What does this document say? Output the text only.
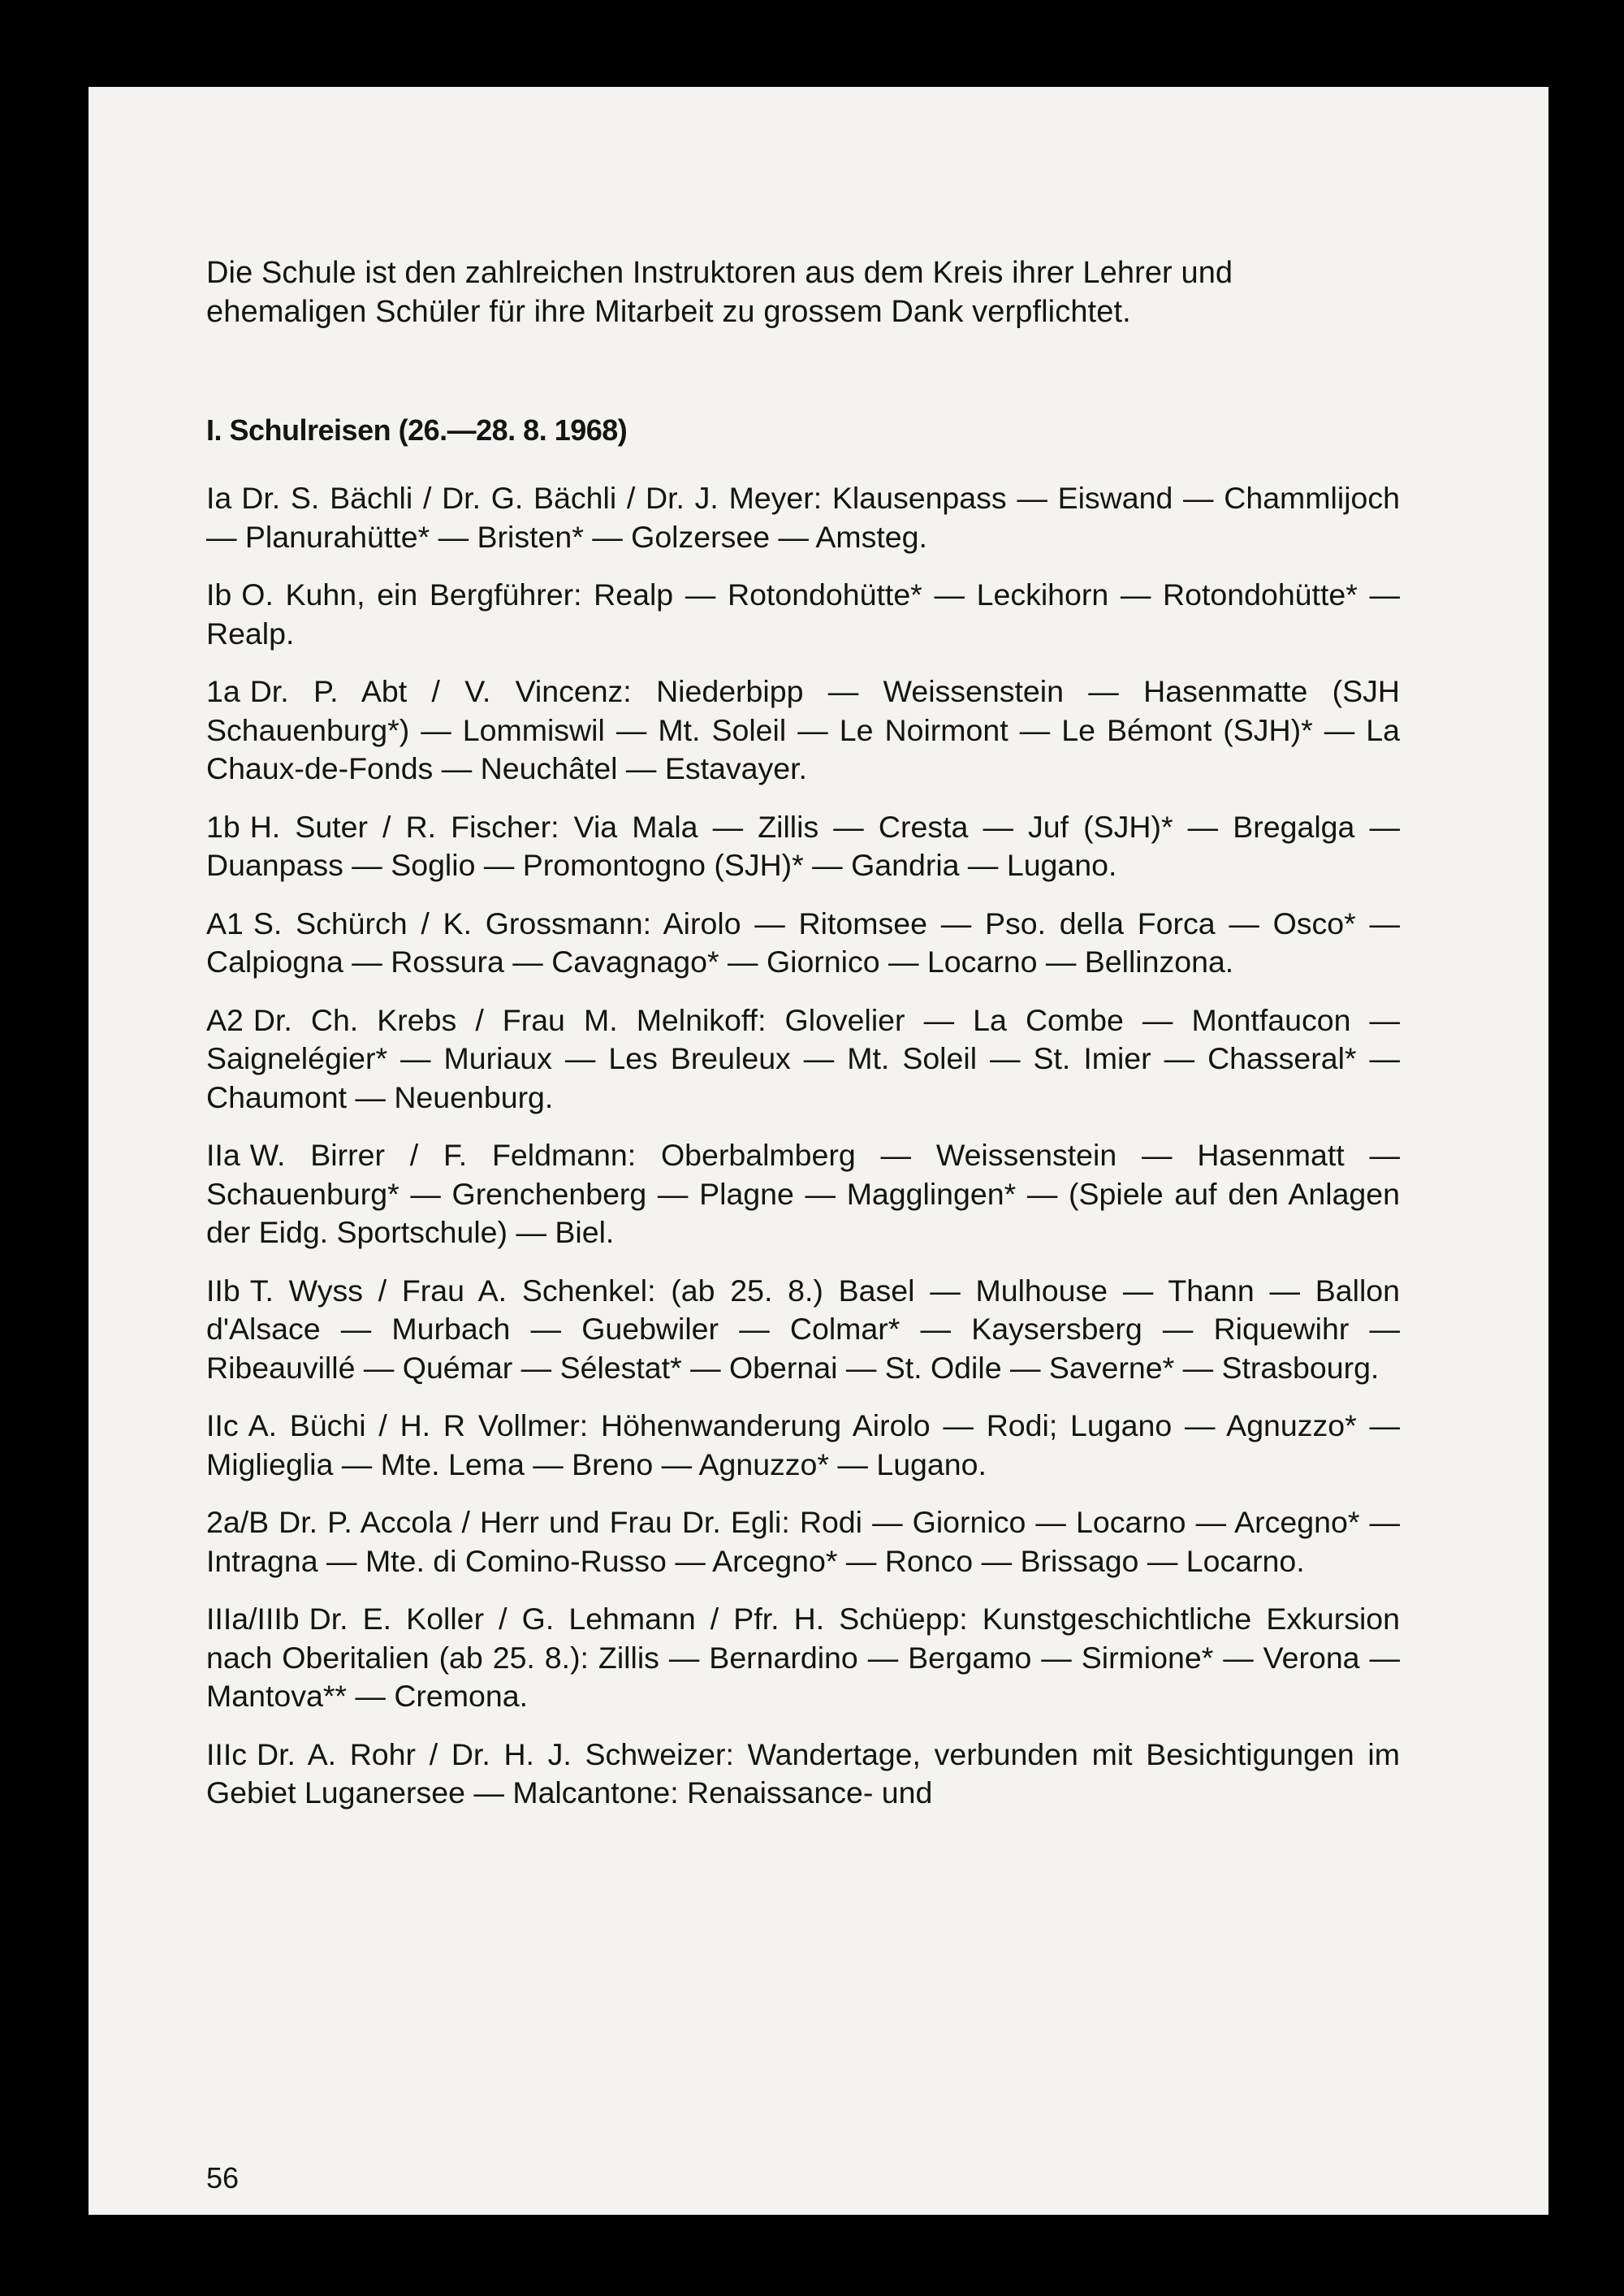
Die Schule ist den zahlreichen Instruktoren aus dem Kreis ihrer Lehrer und ehemaligen Schüler für ihre Mitarbeit zu grossem Dank verpflichtet.

I. Schulreisen (26.—28. 8. 1968)

Ia Dr. S. Bächli / Dr. G. Bächli / Dr. J. Meyer: Klausenpass — Eiswand — Chammlijoch — Planurahütte* — Bristen* — Golzersee — Amsteg.

Ib O. Kuhn, ein Bergführer: Realp — Rotondohütte* — Leckihorn — Rotondohütte* — Realp.

1a Dr. P. Abt / V. Vincenz: Niederbipp — Weissenstein — Hasenmatte (SJH Schauenburg*) — Lommiswil — Mt. Soleil — Le Noirmont — Le Bémont (SJH)* — La Chaux-de-Fonds — Neuchâtel — Estavayer.

1b H. Suter / R. Fischer: Via Mala — Zillis — Cresta — Juf (SJH)* — Bregalga — Duanpass — Soglio — Promontogno (SJH)* — Gandria — Lugano.

A1 S. Schürch / K. Grossmann: Airolo — Ritomsee — Pso. della Forca — Osco* — Calpiogna — Rossura — Cavagnago* — Giornico — Locarno — Bellinzona.

A2 Dr. Ch. Krebs / Frau M. Melnikoff: Glovelier — La Combe — Montfaucon — Saignelégier* — Muriaux — Les Breuleux — Mt. Soleil — St. Imier — Chasseral* — Chaumont — Neuenburg.

IIa W. Birrer / F. Feldmann: Oberbalmberg — Weissenstein — Hasenmatt — Schauenburg* — Grenchenberg — Plagne — Magglingen* — (Spiele auf den Anlagen der Eidg. Sportschule) — Biel.

IIb T. Wyss / Frau A. Schenkel: (ab 25. 8.) Basel — Mulhouse — Thann — Ballon d'Alsace — Murbach — Guebwiler — Colmar* — Kaysersberg — Riquewihr — Ribeauvillé — Quémar — Sélestat* — Obernai — St. Odile — Saverne* — Strasbourg.

IIc A. Büchi / H. R Vollmer: Höhenwanderung Airolo — Rodi; Lugano — Agnuzzo* — Miglieglia — Mte. Lema — Breno — Agnuzzo* — Lugano.

2a/B Dr. P. Accola / Herr und Frau Dr. Egli: Rodi — Giornico — Locarno — Arcegno* — Intragna — Mte. di Comino-Russo — Arcegno* — Ronco — Brissago — Locarno.

IIIa/IIIb Dr. E. Koller / G. Lehmann / Pfr. H. Schüepp: Kunstgeschichtliche Exkursion nach Oberitalien (ab 25. 8.): Zillis — Bernardino — Bergamo — Sirmione* — Verona — Mantova** — Cremona.

IIIc Dr. A. Rohr / Dr. H. J. Schweizer: Wandertage, verbunden mit Besichtigungen im Gebiet Luganersee — Malcantone: Renaissance- und

56
